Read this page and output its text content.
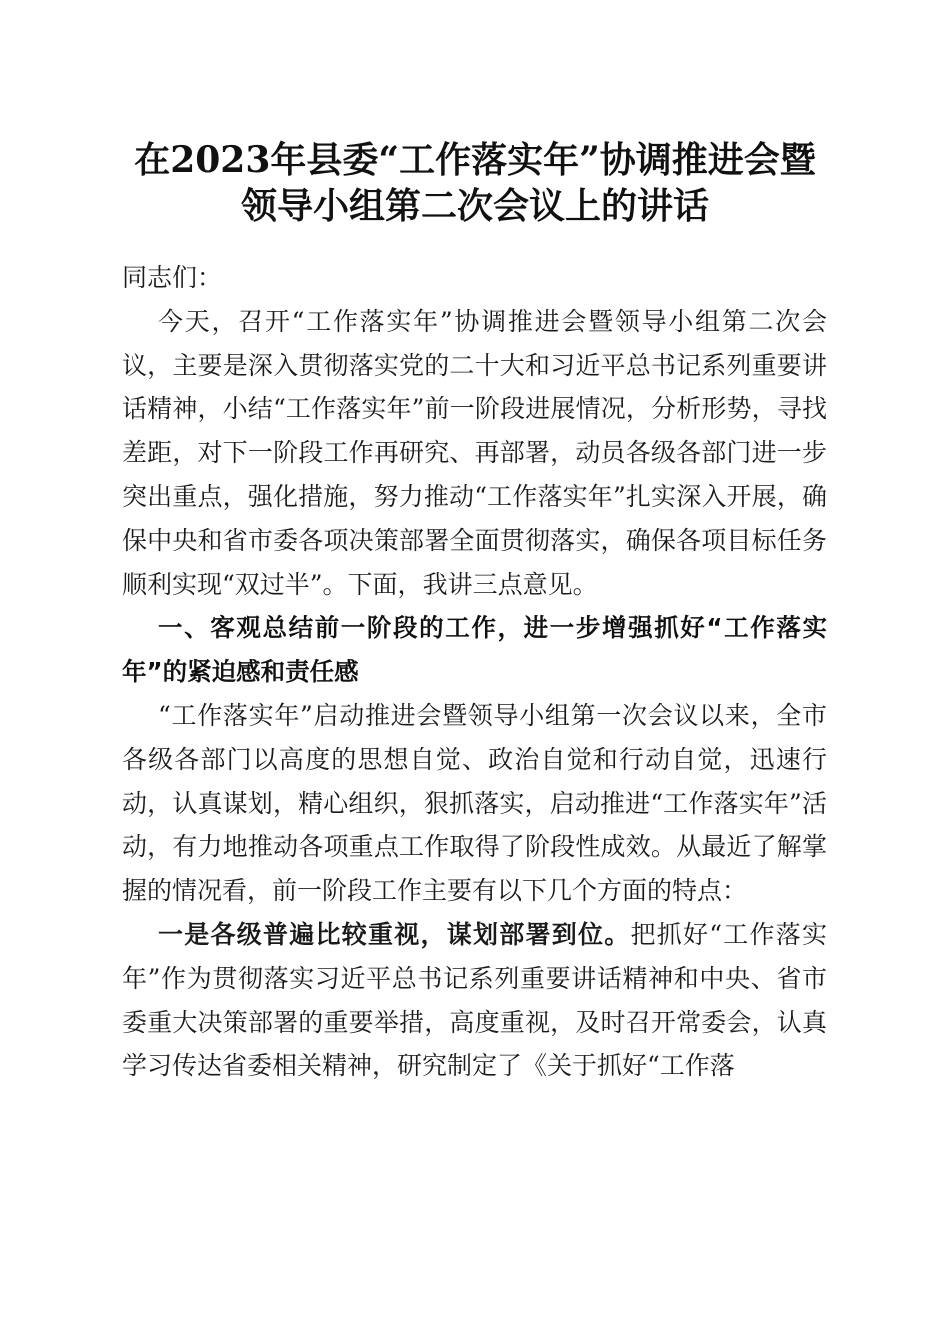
在2023年县委“工作落实年”协调推进会暨
领导小组第二次会议上的讲话

同志们：

今天，召开“工作落实年”协调推进会暨领导小组第二次会议，主要是深入贯彻落实党的二十大和习近平总书记系列重要讲话精神，小结“工作落实年”前一阶段进展情况，分析形势，寻找差距，对下一阶段工作再研究、再部署，动员各级各部门进一步突出重点，强化措施，努力推动“工作落实年”扎实深入开展，确保中央和省市委各项决策部署全面贯彻落实，确保各项目标任务顺利实现“双过半”。下面，我讲三点意见。

一、客观总结前一阶段的工作，进一步增强抓好“工作落实年”的紧迫感和责任感

“工作落实年”启动推进会暨领导小组第一次会议以来，全市各级各部门以高度的思想自觉、政治自觉和行动自觉，迅速行动，认真谋划，精心组织，狠抓落实，启动推进“工作落实年”活动，有力地推动各项重点工作取得了阶段性成效。从最近了解掌握的情况看，前一阶段工作主要有以下几个方面的特点：

一是各级普遍比较重视，谋划部署到位。把抓好“工作落实年”作为贯彻落实习近平总书记系列重要讲话精神和中央、省市委重大决策部署的重要举措，高度重视，及时召开常委会，认真学习传达省委相关精神，研究制定了《关于抓好“工作落
